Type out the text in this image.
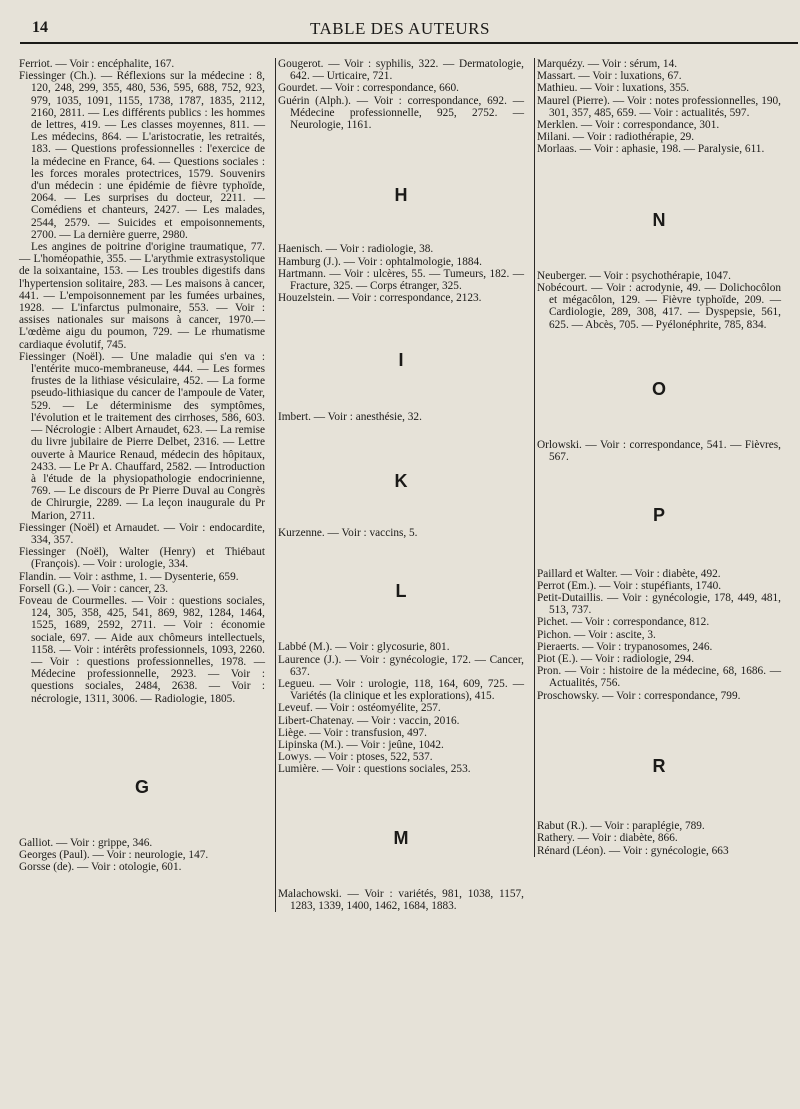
14	TABLE DES AUTEURS

Ferriot. — Voir : encéphalite, 167.

Fiessinger (Ch.). — Réflexions sur la médecine : 8, 120, 248, 299, 355, 480, 536, 595, 688, 752, 923, 979, 1035, 1091, 1155, 1738, 1787, 1835, 2112, 2160, 2811. — Les différents publics : les hommes de lettres, 419. — Les classes moyennes, 811. — Les médecins, 864. — L'aristocratie, les retraités, 183. — Questions professionnelles : l'exercice de la médecine en France, 64. — Questions sociales : les forces morales protectrices, 1579. Souvenirs d'un médecin : une épidémie de fièvre typhoïde, 2064. — Les surprises du docteur, 2211. — Comédiens et chanteurs, 2427. — Les malades, 2544, 2579. — Suicides et empoisonnements, 2700. — La dernière guerre, 2980.

Les angines de poitrine d'origine traumatique, 77. — L'homéopathie, 355. — L'arythmie extrasystolique de la soixantaine, 153. — Les troubles digestifs dans l'hypertension solitaire, 283. — Les maisons à cancer, 441. — L'empoisonnement par les fumées urbaines, 1928. — L'infarctus pulmonaire, 553. — Voir : assises nationales sur maisons à cancer, 1970.— L'œdème aigu du poumon, 729. — Le rhumatisme cardiaque évolutif, 745.

Fiessinger (Noël). — Une maladie qui s'en va : l'entérite muco-membraneuse, 444. — Les formes frustes de la lithiase vésiculaire, 452. — La forme pseudo-lithiasique du cancer de l'ampoule de Vater, 529. — Le déterminisme des symptômes, l'évolution et le traitement des cirrhoses, 586, 603. — Nécrologie : Albert Arnaudet, 623. — La remise du livre jubilaire de Pierre Delbet, 2316. — Lettre ouverte à Maurice Renaud, médecin des hôpitaux, 2433. — Le Pr A. Chauffard, 2582. — Introduction à l'étude de la physiopathologie endocrinienne, 769. — Le discours de Pr Pierre Duval au Congrès de Chirurgie, 2289. — La leçon inaugurale du Pr Marion, 2711.

Fiessinger (Noël) et Arnaudet. — Voir : endocardite, 334, 357.

Fiessinger (Noël), Walter (Henry) et Thiébaut (François). — Voir : urologie, 334.

Flandin. — Voir : asthme, 1. — Dysenterie, 659.

Forsell (G.). — Voir : cancer, 23.

Foveau de Courmelles. — Voir : questions sociales, 124, 305, 358, 425, 541, 869, 982, 1284, 1464, 1525, 1689, 2592, 2711. — Voir : économie sociale, 697. — Aide aux chômeurs intellectuels, 1158. — Voir : intérêts professionnels, 1093, 2260. — Voir : questions professionnelles, 1978. — Médecine professionnelle, 2923. — Voir : questions sociales, 2484, 2638. — Voir : nécrologie, 1311, 3006. — Radiologie, 1805.

G

Galliot. — Voir : grippe, 346.

Georges (Paul). — Voir : neurologie, 147.

Gorsse (de). — Voir : otologie, 601.

Gougerot. — Voir : syphilis, 322. — Dermatologie, 642. — Urticaire, 721.

Gourdet. — Voir : correspondance, 660.

Guérin (Alph.). — Voir : correspondance, 692. — Médecine professionnelle, 925, 2752. — Neurologie, 1161.

H

Haenisch. — Voir : radiologie, 38.

Hamburg (J.). — Voir : ophtalmologie, 1884.

Hartmann. — Voir : ulcères, 55. — Tumeurs, 182. — Fracture, 325. — Corps étranger, 325.

Houzelstein. — Voir : correspondance, 2123.

I

Imbert. — Voir : anesthésie, 32.

K

Kurzenne. — Voir : vaccins, 5.

L

Labbé (M.). — Voir : glycosurie, 801.

Laurence (J.). — Voir : gynécologie, 172. — Cancer, 637.

Legueu. — Voir : urologie, 118, 164, 609, 725. — Variétés (la clinique et les explorations), 415.

Leveuf. — Voir : ostéomyélite, 257.

Libert-Chatenay. — Voir : vaccin, 2016.

Liège. — Voir : transfusion, 497.

Lipinska (M.). — Voir : jeûne, 1042.

Lowys. — Voir : ptoses, 522, 537.

Lumière. — Voir : questions sociales, 253.

M

Malachowski. — Voir : variétés, 981, 1038, 1157, 1283, 1339, 1400, 1462, 1684, 1883.

Marquézy. — Voir : sérum, 14.

Massart. — Voir : luxations, 67.

Mathieu. — Voir : luxations, 355.

Maurel (Pierre). — Voir : notes professionnelles, 190, 301, 357, 485, 659. — Voir : actualités, 597.

Merklen. — Voir : correspondance, 301.

Milani. — Voir : radiothérapie, 29.

Morlaas. — Voir : aphasie, 198. — Paralysie, 611.

N

Neuberger. — Voir : psychothérapie, 1047.

Nobécourt. — Voir : acrodynie, 49. — Dolichocôlon et mégacôlon, 129. — Fièvre typhoïde, 209. — Cardiologie, 289, 308, 417. — Dyspepsie, 561, 625. — Abcès, 705. — Pyélonéphrite, 785, 834.

O

Orlowski. — Voir : correspondance, 541. — Fièvres, 567.

P

Paillard et Walter. — Voir : diabète, 492.

Perrot (Em.). — Voir : stupéfiants, 1740.

Petit-Dutaillis. — Voir : gynécologie, 178, 449, 481, 513, 737.

Pichet. — Voir : correspondance, 812.

Pichon. — Voir : ascite, 3.

Pieraerts. — Voir : trypanosomes, 246.

Piot (E.). — Voir : radiologie, 294.

Pron. — Voir : histoire de la médecine, 68, 1686. — Actualités, 756.

Proschowsky. — Voir : correspondance, 799.

R

Rabut (R.). — Voir : paraplégie, 789.

Rathery. — Voir : diabète, 866.

Rénard (Léon). — Voir : gynécologie, 663
